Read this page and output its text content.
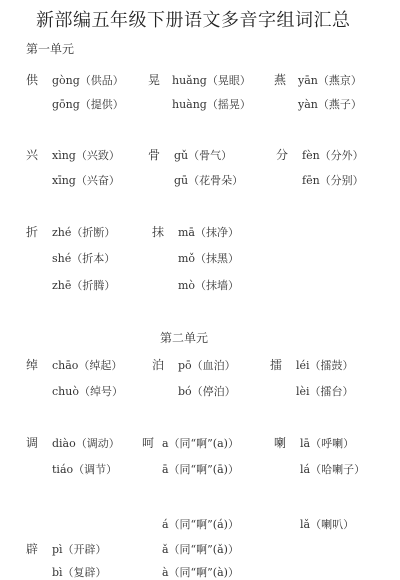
新部编五年级下册语文多音字组词汇总
第一单元
供 gòng（供品）
gōng（提供）
晃 huǎng（晃眼）
huàng（摇晃）
燕 yān（燕京）
yàn（燕子）
兴 xìng（兴致）
xīng（兴奋）
骨 gǔ（骨气）
gū（花骨朵）
分 fèn（分外）
fēn（分别）
折 zhé（折断）
shé（折本）
zhē（折腾）
抹 mā（抹净）
mǒ（抹黑）
mò（抹墙）
第二单元
绰 chāo（绰起）
chuò（绰号）
泊 pō（血泊）
bó（停泊）
擂 léi（擂鼓）
lèi（擂台）
调 diào（调动）
tiáo（调节）
呵 a（同“啊”(a)）
ā（同“啊”(ā)）
á（同“啊”(á)）
ǎ（同“啊”(ǎ)）
à（同“啊”(à)）
喇 lā（呼喇）
lá（哈喇子）
lǎ（喇叭）
辟 pì（开辟）
bì（复辟）
